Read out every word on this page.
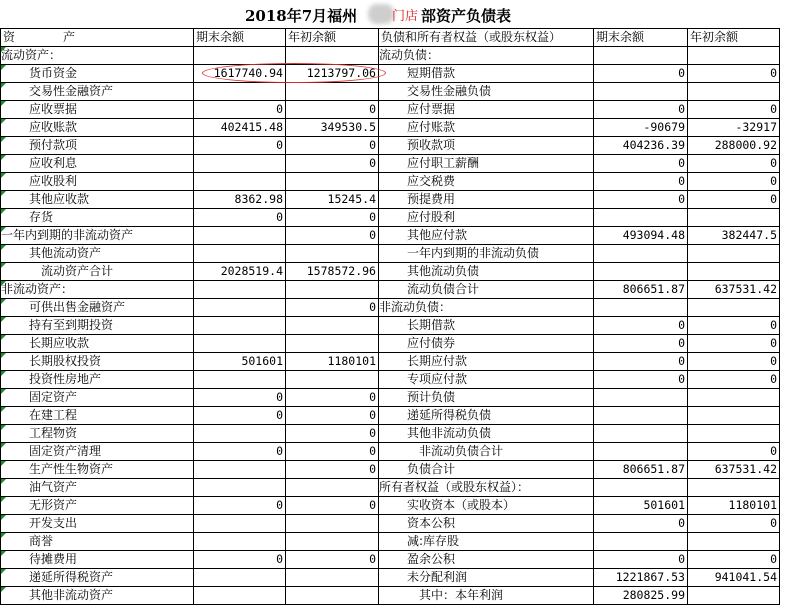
2018年7月福州	门店 部资产负债表
资　　　　产	期末余额	年初余额	负债和所有者权益（或股东权益）	期末余额	年初余额
流动资产：			流动负债：		
货币资金	1617740.94	1213797.06	短期借款	0	0
交易性金融资产			交易性金融负债		
应收票据	0	0	应付票据	0	0
应收账款	402415.48	349530.5	应付账款	-90679	-32917
预付款项	0	0	预收款项	404236.39	288000.92
应收利息		0	应付职工薪酬	0	0
应收股利			应交税费	0	0
其他应收款	8362.98	15245.4	预提费用	0	0
存货	0	0	应付股利		
一年内到期的非流动资产		0	其他应付款	493094.48	382447.5
其他流动资产			一年内到期的非流动负债		
流动资产合计	2028519.4	1578572.96	其他流动负债		
非流动资产：			流动负债合计	806651.87	637531.42
可供出售金融资产		0	非流动负债：		
持有至到期投资			长期借款	0	0
长期应收款			应付债券	0	0
长期股权投资	501601	1180101	长期应付款	0	0
投资性房地产			专项应付款	0	0
固定资产	0	0	预计负债		
在建工程	0	0	递延所得税负债		
工程物资		0	其他非流动负债		
固定资产清理	0	0	非流动负债合计		0
生产性生物资产		0	负债合计	806651.87	637531.42
油气资产			所有者权益（或股东权益）：		
无形资产	0	0	实收资本（或股本）	501601	1180101
开发支出			资本公积	0	0
商誉			减:库存股		
待摊费用	0	0	盈余公积	0	0
递延所得税资产			未分配利润	1221867.53	941041.54
其他非流动资产			其中：本年利润	280825.99	
